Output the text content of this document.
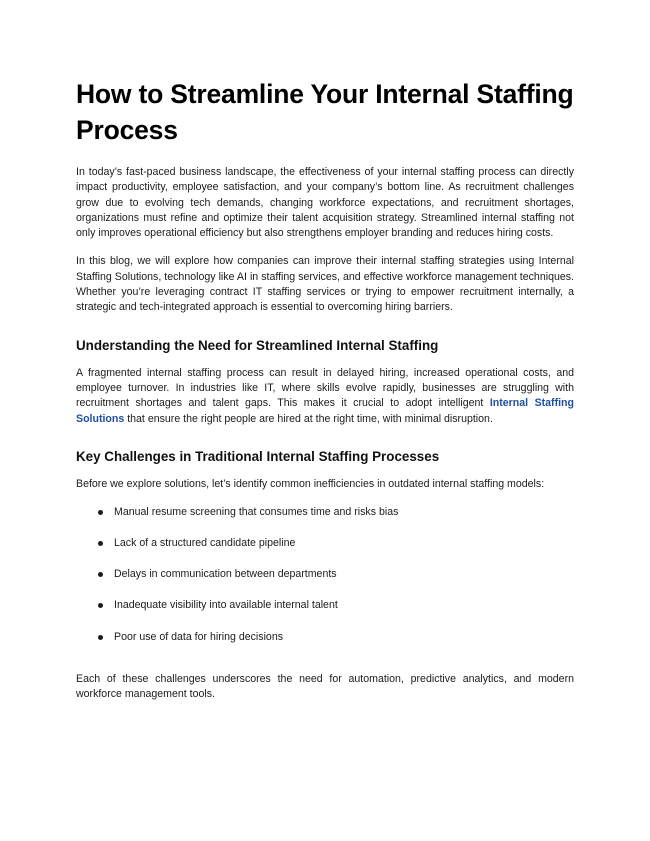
How to Streamline Your Internal Staffing Process

In today’s fast-paced business landscape, the effectiveness of your internal staffing process can directly impact productivity, employee satisfaction, and your company’s bottom line. As recruitment challenges grow due to evolving tech demands, changing workforce expectations, and recruitment shortages, organizations must refine and optimize their talent acquisition strategy. Streamlined internal staffing not only improves operational efficiency but also strengthens employer branding and reduces hiring costs.

In this blog, we will explore how companies can improve their internal staffing strategies using Internal Staffing Solutions, technology like AI in staffing services, and effective workforce management techniques. Whether you’re leveraging contract IT staffing services or trying to empower recruitment internally, a strategic and tech-integrated approach is essential to overcoming hiring barriers.

Understanding the Need for Streamlined Internal Staffing

A fragmented internal staffing process can result in delayed hiring, increased operational costs, and employee turnover. In industries like IT, where skills evolve rapidly, businesses are struggling with recruitment shortages and talent gaps. This makes it crucial to adopt intelligent Internal Staffing Solutions that ensure the right people are hired at the right time, with minimal disruption.

Key Challenges in Traditional Internal Staffing Processes

Before we explore solutions, let’s identify common inefficiencies in outdated internal staffing models:

Manual resume screening that consumes time and risks bias
Lack of a structured candidate pipeline
Delays in communication between departments
Inadequate visibility into available internal talent
Poor use of data for hiring decisions

Each of these challenges underscores the need for automation, predictive analytics, and modern workforce management tools.
